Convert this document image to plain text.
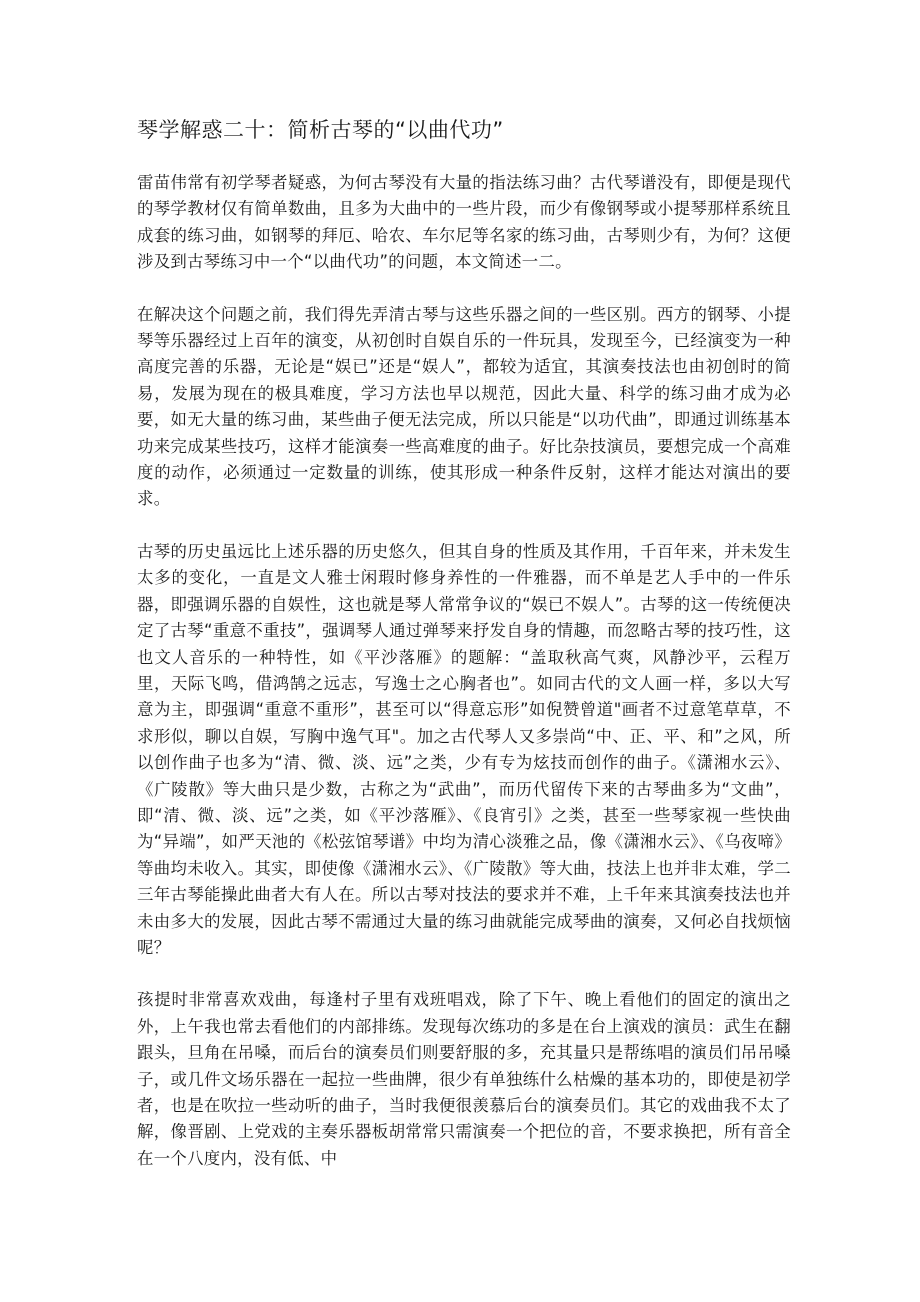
琴学解惑二十：简析古琴的“以曲代功”

雷苗伟常有初学琴者疑惑，为何古琴没有大量的指法练习曲？古代琴谱没有，即便是现代的琴学教材仅有简单数曲，且多为大曲中的一些片段，而少有像钢琴或小提琴那样系统且成套的练习曲，如钢琴的拜厄、哈农、车尔尼等名家的练习曲，古琴则少有，为何？这便涉及到古琴练习中一个“以曲代功”的问题，本文简述一二。

在解决这个问题之前，我们得先弄清古琴与这些乐器之间的一些区别。西方的钢琴、小提琴等乐器经过上百年的演变，从初创时自娱自乐的一件玩具，发现至今，已经演变为一种高度完善的乐器，无论是“娱已”还是“娱人”，都较为适宜，其演奏技法也由初创时的简易，发展为现在的极具难度，学习方法也早以规范，因此大量、科学的练习曲才成为必要，如无大量的练习曲，某些曲子便无法完成，所以只能是“以功代曲”，即通过训练基本功来完成某些技巧，这样才能演奏一些高难度的曲子。好比杂技演员，要想完成一个高难度的动作，必须通过一定数量的训练，使其形成一种条件反射，这样才能达对演出的要求。

古琴的历史虽远比上述乐器的历史悠久，但其自身的性质及其作用，千百年来，并未发生太多的变化，一直是文人雅士闲瑕时修身养性的一件雅器，而不单是艺人手中的一件乐器，即强调乐器的自娱性，这也就是琴人常常争议的“娱已不娱人”。古琴的这一传统便决定了古琴“重意不重技”，强调琴人通过弹琴来抒发自身的情趣，而忽略古琴的技巧性，这也文人音乐的一种特性，如《平沙落雁》的题解：“盖取秋高气爽，风静沙平，云程万里，天际飞鸣，借鸿鹄之远志，写逸士之心胸者也”。如同古代的文人画一样，多以大写意为主，即强调“重意不重形”，甚至可以“得意忘形”如倪赞曾道"画者不过意笔草草，不求形似，聊以自娱，写胸中逸气耳"。加之古代琴人又多崇尚“中、正、平、和”之风，所以创作曲子也多为“清、微、淡、远”之类，少有专为炫技而创作的曲子。《潇湘水云》、《广陵散》等大曲只是少数，古称之为“武曲”，而历代留传下来的古琴曲多为“文曲”，即“清、微、淡、远”之类，如《平沙落雁》、《良宵引》之类，甚至一些琴家视一些快曲为“异端”，如严天池的《松弦馆琴谱》中均为清心淡雅之品，像《潇湘水云》、《乌夜啼》等曲均未收入。其实，即使像《潇湘水云》、《广陵散》等大曲，技法上也并非太难，学二三年古琴能操此曲者大有人在。所以古琴对技法的要求并不难，上千年来其演奏技法也并未由多大的发展，因此古琴不需通过大量的练习曲就能完成琴曲的演奏，又何必自找烦恼呢？

孩提时非常喜欢戏曲，每逢村子里有戏班唱戏，除了下午、晚上看他们的固定的演出之外，上午我也常去看他们的内部排练。发现每次练功的多是在台上演戏的演员：武生在翻跟头，旦角在吊嗓，而后台的演奏员们则要舒服的多，充其量只是帮练唱的演员们吊吊嗓子，或几件文场乐器在一起拉一些曲牌，很少有单独练什么枯燥的基本功的，即使是初学者，也是在吹拉一些动听的曲子，当时我便很羡慕后台的演奏员们。其它的戏曲我不太了解，像晋剧、上党戏的主奏乐器板胡常常只需演奏一个把位的音，不要求换把，所有音全在一个八度内，没有低、中
